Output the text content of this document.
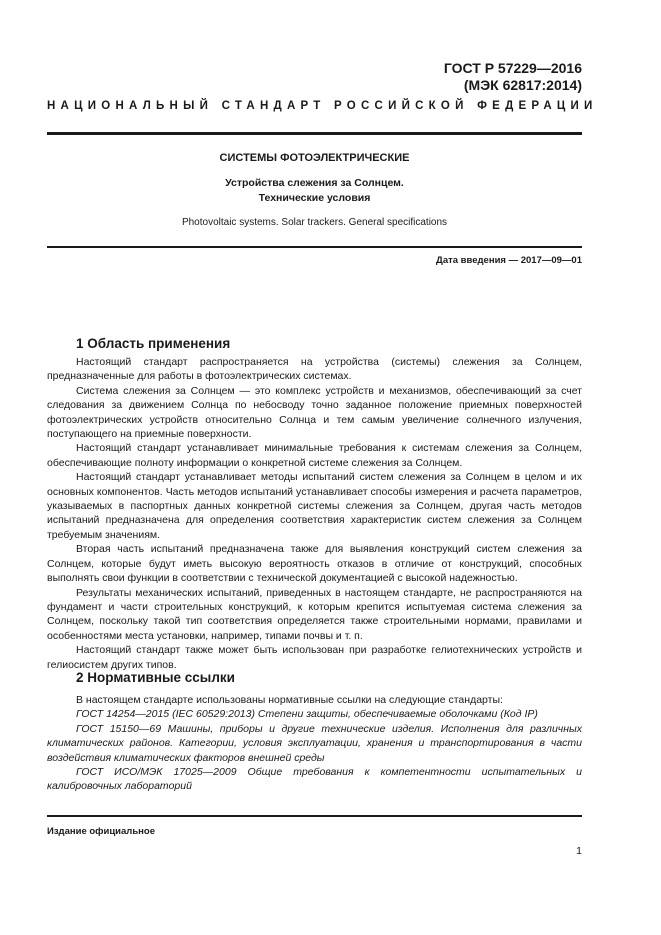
ГОСТ Р 57229—2016
(МЭК 62817:2014)
НАЦИОНАЛЬНЫЙ СТАНДАРТ РОССИЙСКОЙ ФЕДЕРАЦИИ
СИСТЕМЫ ФОТОЭЛЕКТРИЧЕСКИЕ
Устройства слежения за Солнцем.
Технические условия
Photovoltaic systems. Solar trackers. General specifications
Дата введения — 2017—09—01
1 Область применения

Настоящий стандарт распространяется на устройства (системы) слежения за Солнцем, предназначенные для работы в фотоэлектрических системах.

Система слежения за Солнцем — это комплекс устройств и механизмов, обеспечивающий за счет следования за движением Солнца по небосводу точно заданное положение приемных поверхностей фотоэлектрических устройств относительно Солнца и тем самым увеличение солнечного излучения, поступающего на приемные поверхности.

Настоящий стандарт устанавливает минимальные требования к системам слежения за Солнцем, обеспечивающие полноту информации о конкретной системе слежения за Солнцем.

Настоящий стандарт устанавливает методы испытаний систем слежения за Солнцем в целом и их основных компонентов. Часть методов испытаний устанавливает способы измерения и расчета параметров, указываемых в паспортных данных конкретной системы слежения за Солнцем, другая часть методов испытаний предназначена для определения соответствия характеристик систем слежения за Солнцем требуемым значениям.

Вторая часть испытаний предназначена также для выявления конструкций систем слежения за Солнцем, которые будут иметь высокую вероятность отказов в отличие от конструкций, способных выполнять свои функции в соответствии с технической документацией с высокой надежностью.

Результаты механических испытаний, приведенных в настоящем стандарте, не распространяются на фундамент и части строительных конструкций, к которым крепится испытуемая система слежения за Солнцем, поскольку такой тип соответствия определяется также строительными нормами, правилами и особенностями места установки, например, типами почвы и т. п.

Настоящий стандарт также может быть использован при разработке гелиотехнических устройств и гелиосистем других типов.

2 Нормативные ссылки

В настоящем стандарте использованы нормативные ссылки на следующие стандарты:

ГОСТ 14254—2015 (IEC 60529:2013) Степени защиты, обеспечиваемые оболочками (Код IP)

ГОСТ 15150—69 Машины, приборы и другие технические изделия. Исполнения для различных климатических районов. Категории, условия эксплуатации, хранения и транспортирования в части воздействия климатических факторов внешней среды

ГОСТ ИСО/МЭК 17025—2009 Общие требования к компетентности испытательных и калибровочных лабораторий

Издание официальное
1
